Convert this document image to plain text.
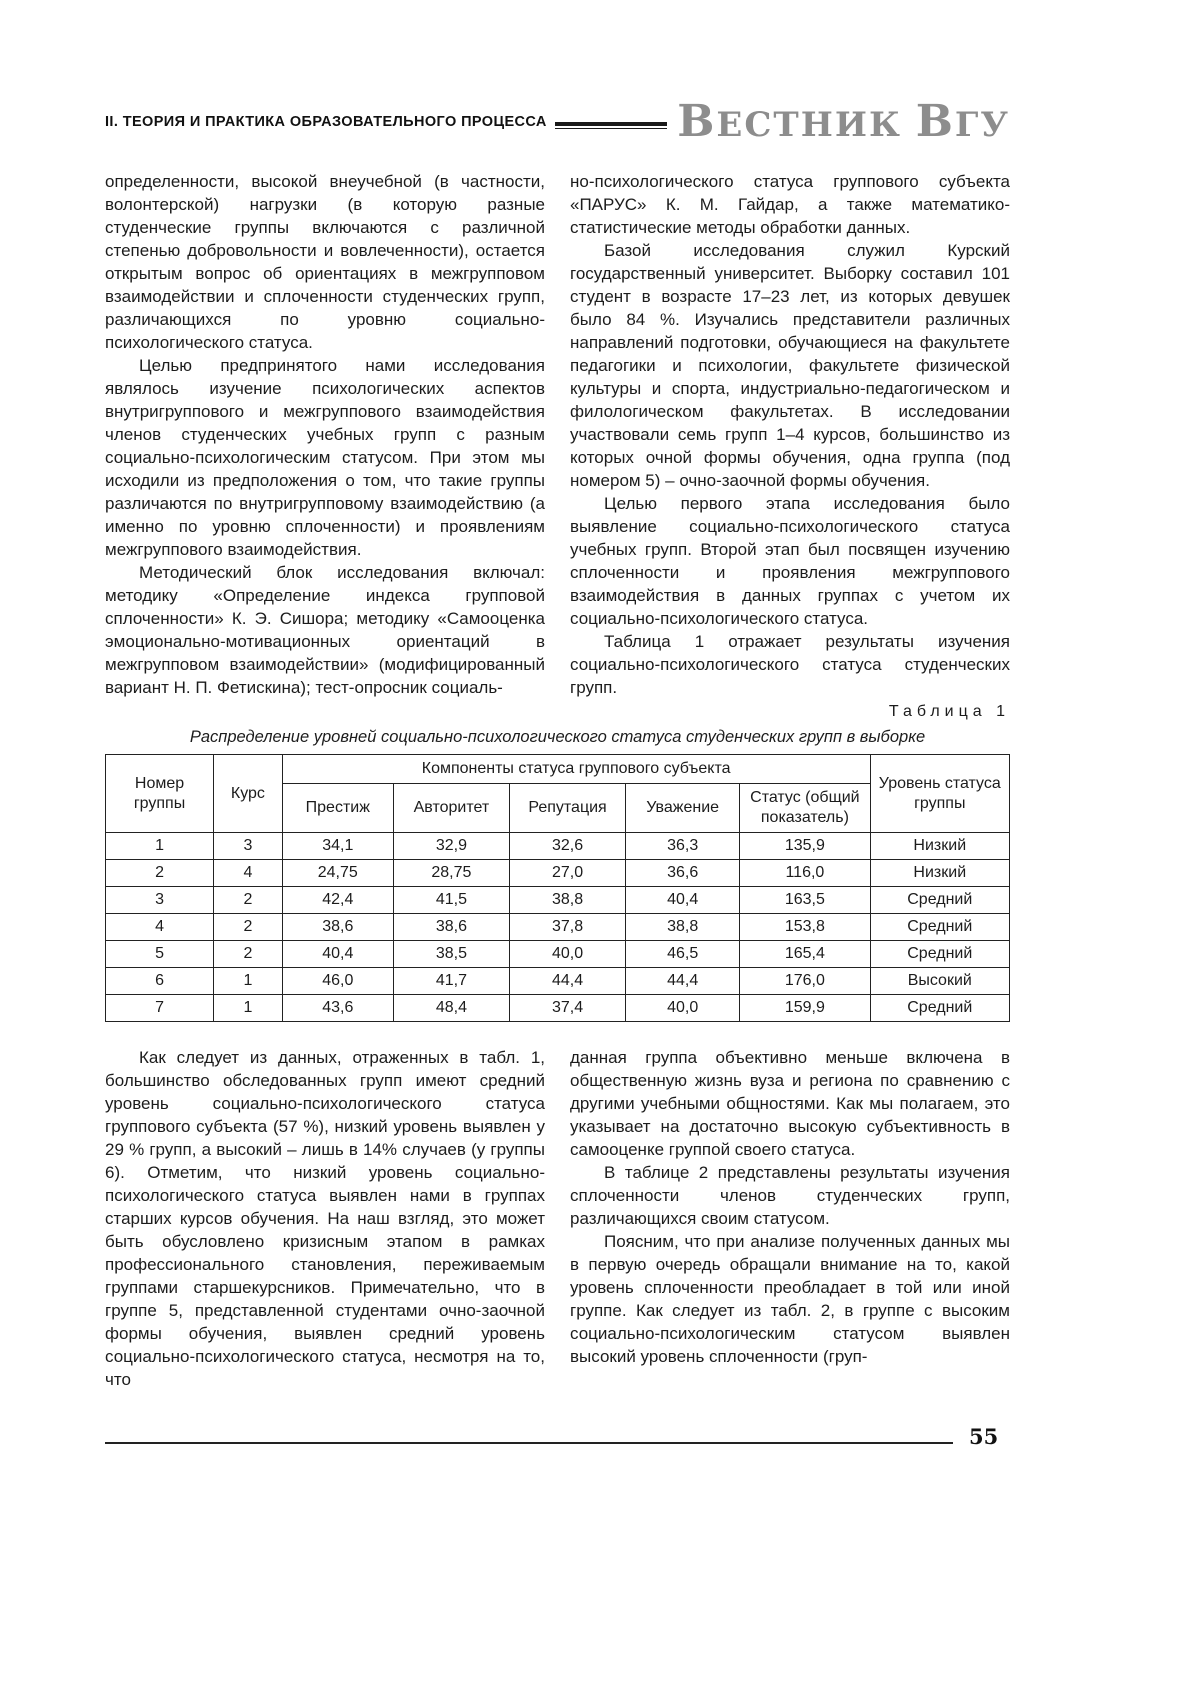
II. ТЕОРИЯ И ПРАКТИКА ОБРАЗОВАТЕЛЬНОГО ПРОЦЕССА	ВЕСТНИК ВГУ

определенности, высокой внеучебной (в частности, волонтерской) нагрузки (в которую разные студенческие группы включаются с различной степенью добровольности и вовлеченности), остается открытым вопрос об ориентациях в межгрупповом взаимодействии и сплоченности студенческих групп, различающихся по уровню социально-психологического статуса.

Целью предпринятого нами исследования являлось изучение психологических аспектов внутригруппового и межгруппового взаимодействия членов студенческих учебных групп с разным социально-психологическим статусом. При этом мы исходили из предположения о том, что такие группы различаются по внутригрупповому взаимодействию (а именно по уровню сплоченности) и проявлениям межгруппового взаимодействия.

Методический блок исследования включал: методику «Определение индекса групповой сплоченности» К. Э. Сишора; методику «Самооценка эмоционально-мотивационных ориентаций в межгрупповом взаимодействии» (модифицированный вариант Н. П. Фетискина); тест-опросник социаль-

но-психологического статуса группового субъекта «ПАРУС» К. М. Гайдар, а также математико-статистические методы обработки данных.

Базой исследования служил Курский государственный университет. Выборку составил 101 студент в возрасте 17–23 лет, из которых девушек было 84 %. Изучались представители различных направлений подготовки, обучающиеся на факультете педагогики и психологии, факультете физической культуры и спорта, индустриально-педагогическом и филологическом факультетах. В исследовании участвовали семь групп 1–4 курсов, большинство из которых очной формы обучения, одна группа (под номером 5) – очно-заочной формы обучения.

Целью первого этапа исследования было выявление социально-психологического статуса учебных групп. Второй этап был посвящен изучению сплоченности и проявления межгруппового взаимодействия в данных группах с учетом их социально-психологического статуса.

Таблица 1 отражает результаты изучения социально-психологического статуса студенческих групп.

Таблица 1
Распределение уровней социально-психологического статуса студенческих групп в выборке
Номер группы	Курс	Компоненты статуса группового субъекта					Уровень статуса группы
		Престиж	Авторитет	Репутация	Уважение	Статус (общий показатель)	
1	3	34,1	32,9	32,6	36,3	135,9	Низкий
2	4	24,75	28,75	27,0	36,6	116,0	Низкий
3	2	42,4	41,5	38,8	40,4	163,5	Средний
4	2	38,6	38,6	37,8	38,8	153,8	Средний
5	2	40,4	38,5	40,0	46,5	165,4	Средний
6	1	46,0	41,7	44,4	44,4	176,0	Высокий
7	1	43,6	48,4	37,4	40,0	159,9	Средний

Как следует из данных, отраженных в табл. 1, большинство обследованных групп имеют средний уровень социально-психологического статуса группового субъекта (57 %), низкий уровень выявлен у 29 % групп, а высокий – лишь в 14% случаев (у группы 6). Отметим, что низкий уровень социально-психологического статуса выявлен нами в группах старших курсов обучения. На наш взгляд, это может быть обусловлено кризисным этапом в рамках профессионального становления, переживаемым группами старшекурсников. Примечательно, что в группе 5, представленной студентами очно-заочной формы обучения, выявлен средний уровень социально-психологического статуса, несмотря на то, что

данная группа объективно меньше включена в общественную жизнь вуза и региона по сравнению с другими учебными общностями. Как мы полагаем, это указывает на достаточно высокую субъективность в самооценке группой своего статуса.

В таблице 2 представлены результаты изучения сплоченности членов студенческих групп, различающихся своим статусом.

Поясним, что при анализе полученных данных мы в первую очередь обращали внимание на то, какой уровень сплоченности преобладает в той или иной группе. Как следует из табл. 2, в группе с высоким социально-психологическим статусом выявлен высокий уровень сплоченности (груп-

55
